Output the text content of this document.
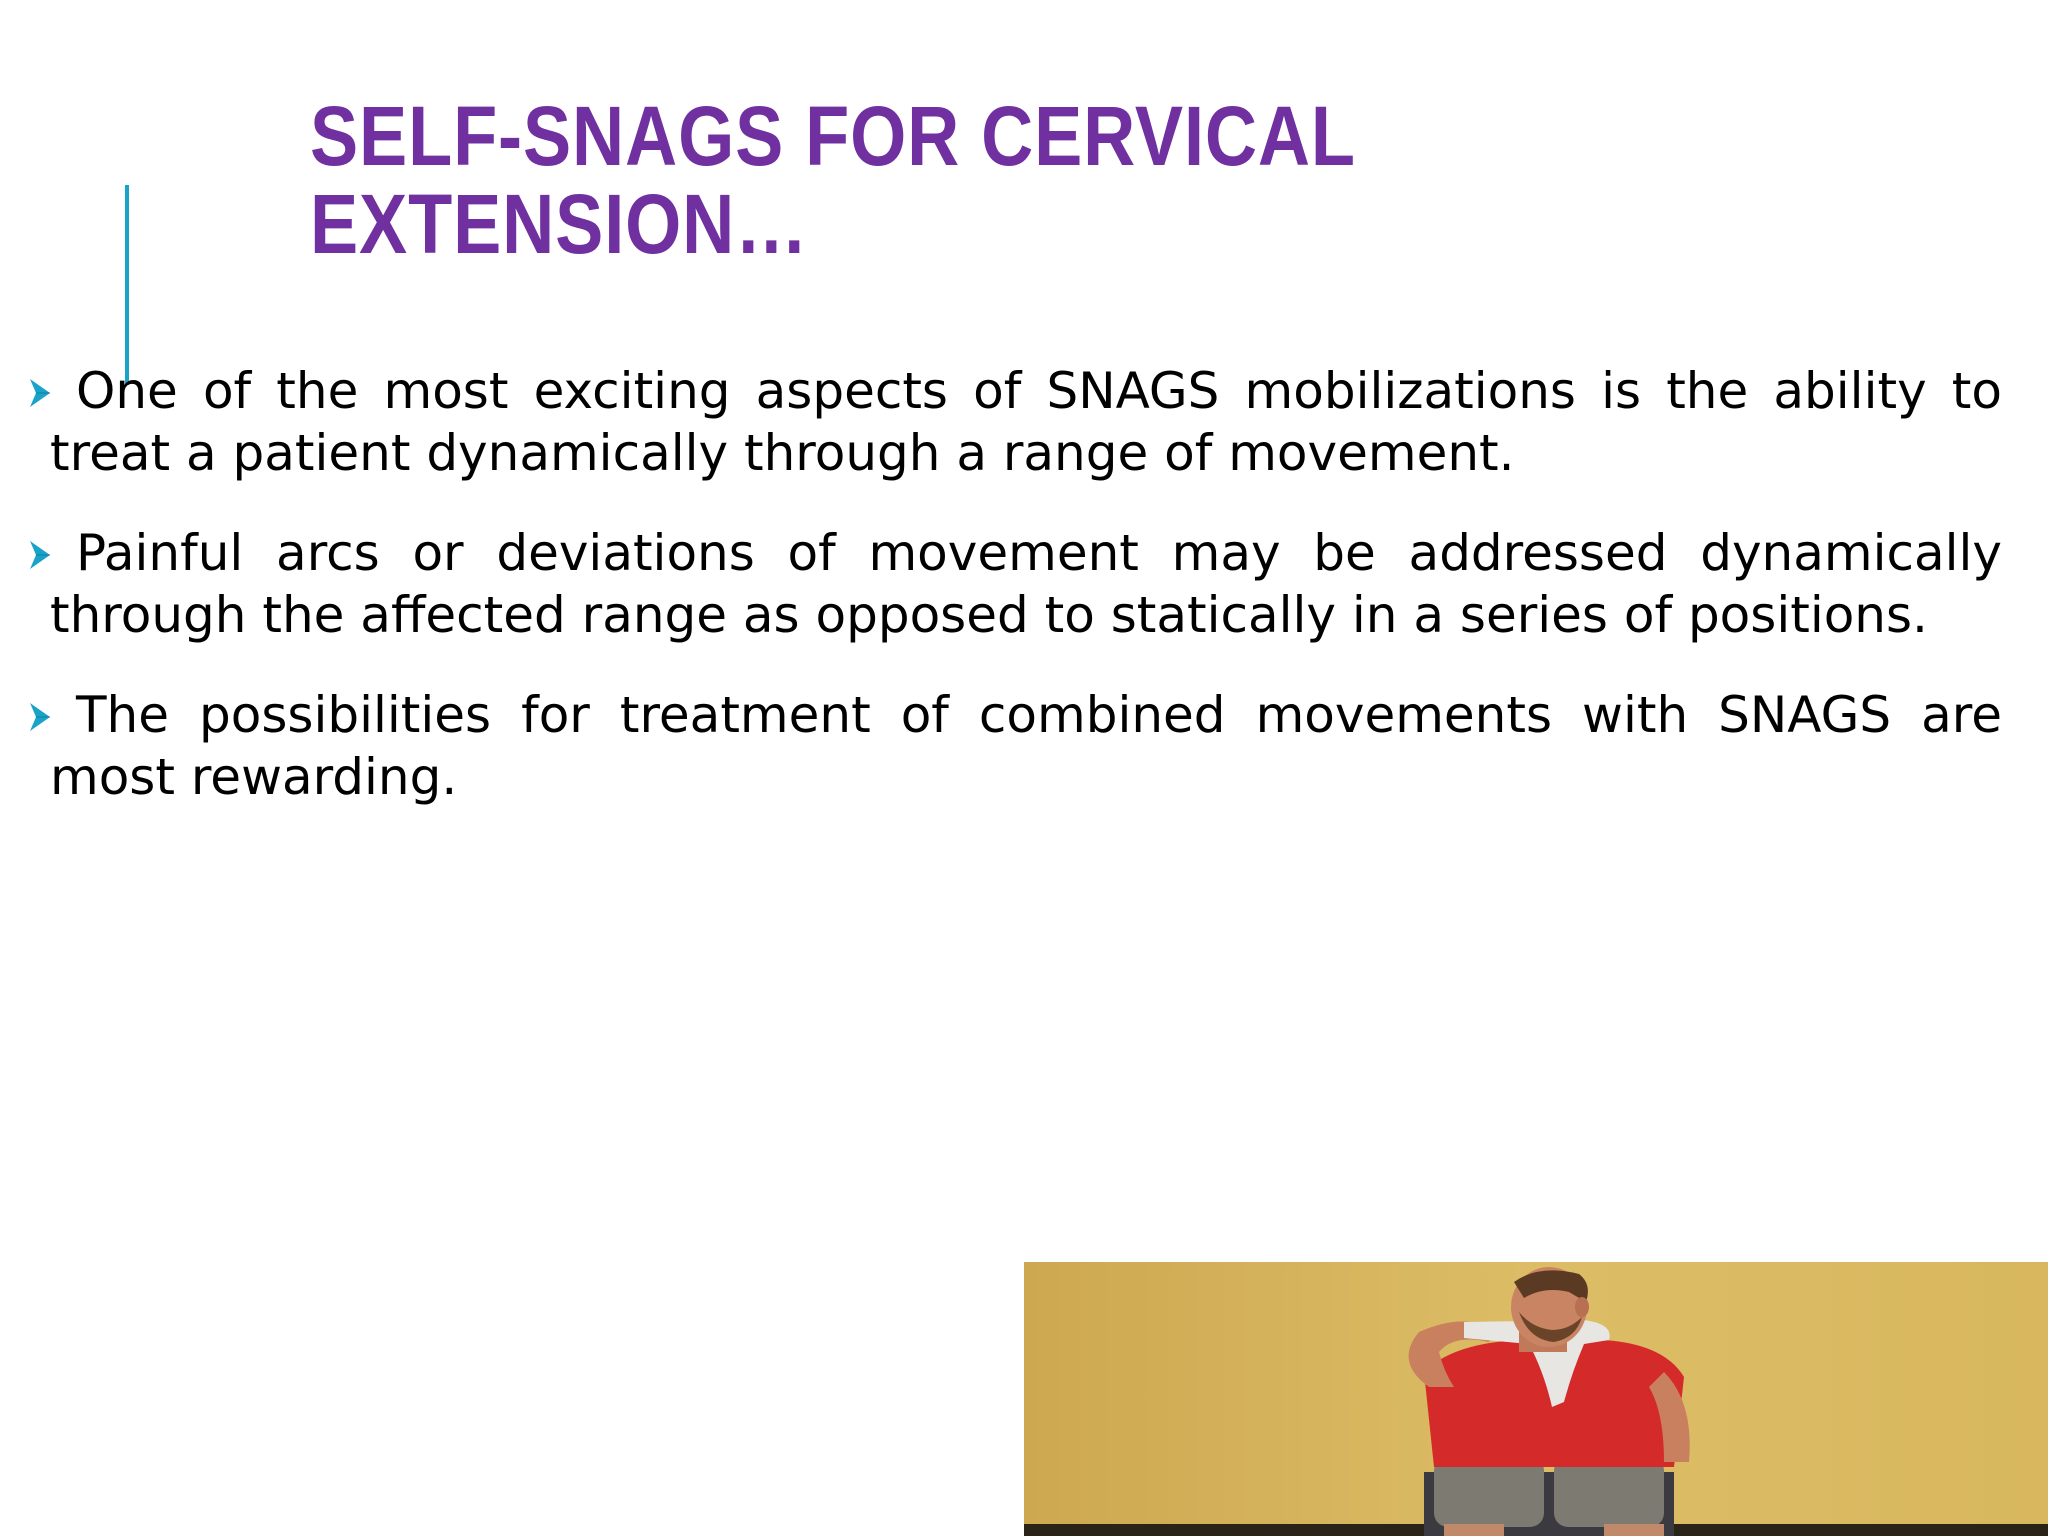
SELF-SNAGS FOR CERVICAL
EXTENSION…
One of the most exciting aspects of SNAGS mobilizations is the ability to treat a patient dynamically through a range of movement.
Painful arcs or deviations of movement may be addressed dynamically through the affected range as opposed to statically in a series of positions.
The possibilities for treatment of combined movements with SNAGS are most rewarding.
